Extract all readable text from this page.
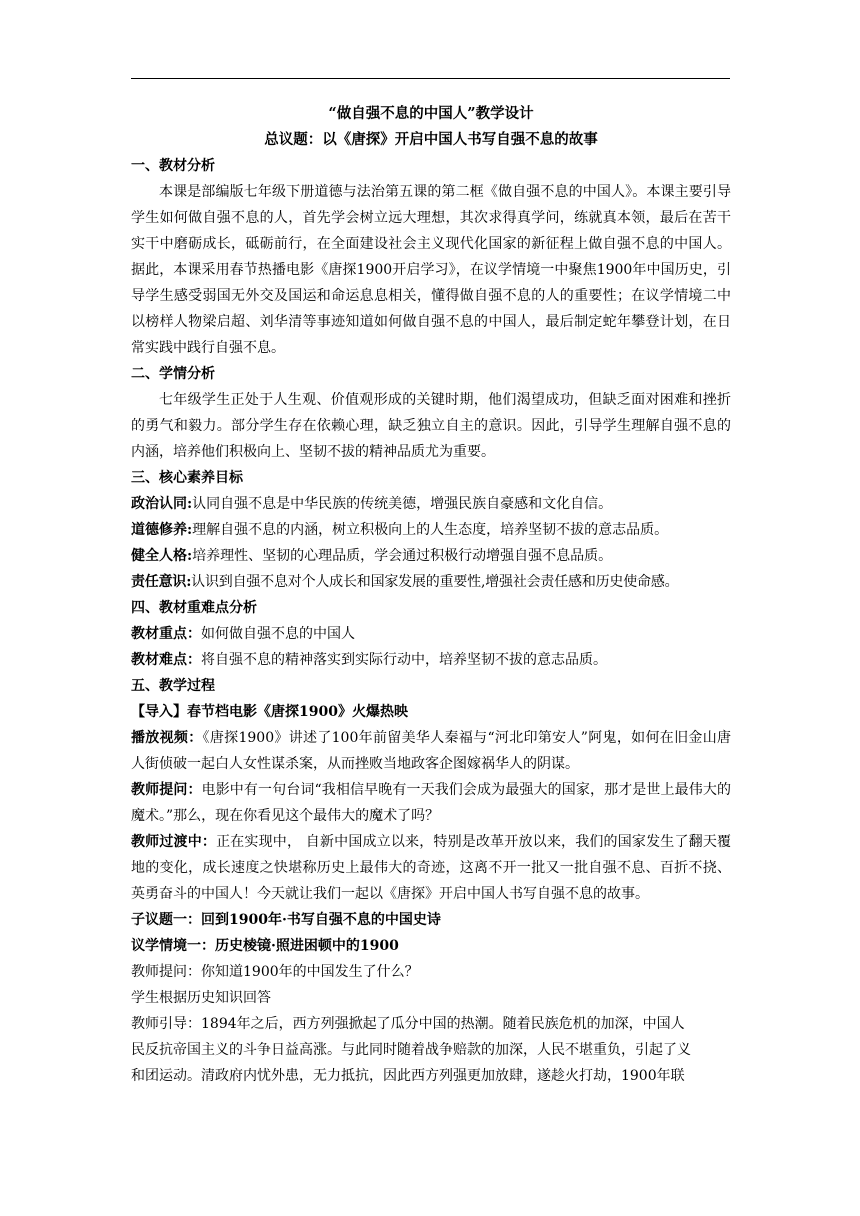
“做自强不息的中国人”教学设计
总议题：以《唐探》开启中国人书写自强不息的故事
一、教材分析
本课是部编版七年级下册道德与法治第五课的第二框《做自强不息的中国人》。本课主要引导学生如何做自强不息的人，首先学会树立远大理想，其次求得真学问，练就真本领，最后在苦干实干中磨砺成长，砥砺前行，在全面建设社会主义现代化国家的新征程上做自强不息的中国人。据此，本课采用春节热播电影《唐探1900开启学习》，在议学情境一中聚焦1900年中国历史，引导学生感受弱国无外交及国运和命运息息相关，懂得做自强不息的人的重要性；在议学情境二中以榜样人物梁启超、刘华清等事迹知道如何做自强不息的中国人，最后制定蛇年攀登计划，在日常实践中践行自强不息。
二、学情分析
七年级学生正处于人生观、价值观形成的关键时期，他们渴望成功，但缺乏面对困难和挫折的勇气和毅力。部分学生存在依赖心理，缺乏独立自主的意识。因此，引导学生理解自强不息的内涵，培养他们积极向上、坚韧不拔的精神品质尤为重要。
三、核心素养目标
政治认同:认同自强不息是中华民族的传统美德，增强民族自豪感和文化自信。
道德修养:理解自强不息的内涵，树立积极向上的人生态度，培养坚韧不拔的意志品质。
健全人格:培养理性、坚韧的心理品质，学会通过积极行动增强自强不息品质。
责任意识:认识到自强不息对个人成长和国家发展的重要性,增强社会责任感和历史使命感。
四、教材重难点分析
教材重点：如何做自强不息的中国人
教材难点：将自强不息的精神落实到实际行动中，培养坚韧不拔的意志品质。
五、教学过程
【导入】春节档电影《唐探1900》火爆热映
播放视频：《唐探1900》讲述了100年前留美华人秦福与“河北印第安人”阿鬼，如何在旧金山唐人街侦破一起白人女性谋杀案，从而挫败当地政客企图嫁祸华人的阴谋。
教师提问：电影中有一句台词“我相信早晚有一天我们会成为最强大的国家，那才是世上最伟大的魔术。”那么，现在你看见这个最伟大的魔术了吗？
教师过渡中：正在实现中， 自新中国成立以来，特别是改革开放以来，我们的国家发生了翻天覆地的变化，成长速度之快堪称历史上最伟大的奇迹，这离不开一批又一批自强不息、百折不挠、英勇奋斗的中国人！今天就让我们一起以《唐探》开启中国人书写自强不息的故事。
子议题一：回到1900年·书写自强不息的中国史诗
议学情境一：历史棱镜·照进困顿中的1900
教师提问：你知道1900年的中国发生了什么？
学生根据历史知识回答
教师引导：1894年之后，西方列强掀起了瓜分中国的热潮。随着民族危机的加深，中国人
民反抗帝国主义的斗争日益高涨。与此同时随着战争赔款的加深，人民不堪重负，引起了义
和团运动。清政府内忧外患，无力抵抗，因此西方列强更加放肆，遂趁火打劫，1900年联
